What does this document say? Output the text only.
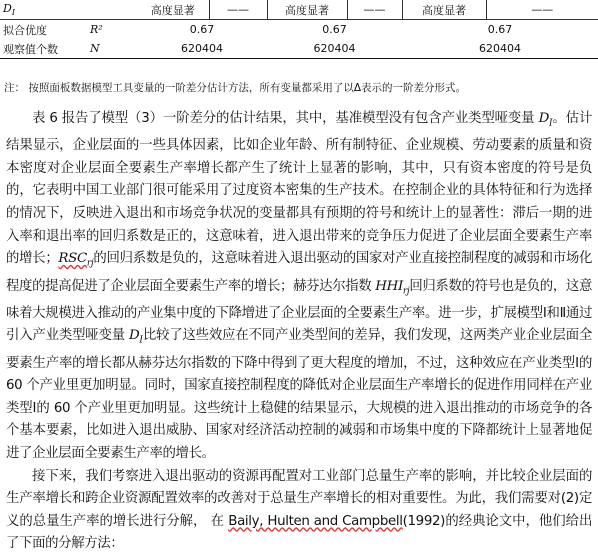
$D_I$		高度显著	——	高度显著	——	高度显著	——
拟合优度	R²	0.67		0.67		0.67	
观察值个数	N	620404		620404		620404	
注： 按照面板数据模型工具变量的一阶差分估计方法，所有变量都采用了以Δ表示的一阶差分形式。

表 6 报告了模型（3）一阶差分的估计结果，其中，基准模型没有包含产业类型哑变量 $D_I$。估计结果显示，企业层面的一些具体因素，比如企业年龄、所有制特征、企业规模、劳动要素的质量和资本密度对企业层面全要素生产率增长都产生了统计上显著的影响，其中，只有资本密度的符号是负的，它表明中国工业部门很可能采用了过度资本密集的生产技术。在控制企业的具体特征和行为选择的情况下，反映进入退出和市场竞争状况的变量都具有预期的符号和统计上的显著性：滞后一期的进入率和退出率的回归系数是正的，这意味着，进入退出带来的竞争压力促进了企业层面全要素生产率的增长；$RSC_{rj}$的回归系数是负的，这意味着进入退出驱动的国家对产业直接控制程度的减弱和市场化程度的提高促进了企业层面全要素生产率的增长；赫芬达尔指数 $HHI_{rj}$回归系数的符号也是负的，这意味着大规模进入推动的产业集中度的下降增进了企业层面的全要素生产率。进一步，扩展模型Ⅰ和Ⅱ通过引入产业类型哑变量 $D_I$比较了这些效应在不同产业类型间的差异，我们发现，这两类产业企业层面全要素生产率的增长都从赫芬达尔指数的下降中得到了更大程度的增加，不过，这种效应在产业类型Ⅰ的 60 个产业里更加明显。同时，国家直接控制程度的降低对企业层面生产率增长的促进作用同样在产业类型Ⅰ的 60 个产业里更加明显。这些统计上稳健的结果显示，大规模的进入退出推动的市场竞争的各个基本要素，比如进入退出威胁、国家对经济活动控制的减弱和市场集中度的下降都统计上显著地促进了企业层面全要素生产率的增长。

接下来，我们考察进入退出驱动的资源再配置对工业部门总量生产率的影响，并比较企业层面的生产率增长和跨企业资源配置效率的改善对于总量生产率增长的相对重要性。为此，我们需要对(2)定义的总量生产率的增长进行分解， 在 Baily, Hulten and Campbell(1992)的经典论文中，他们给出了下面的分解方法：
